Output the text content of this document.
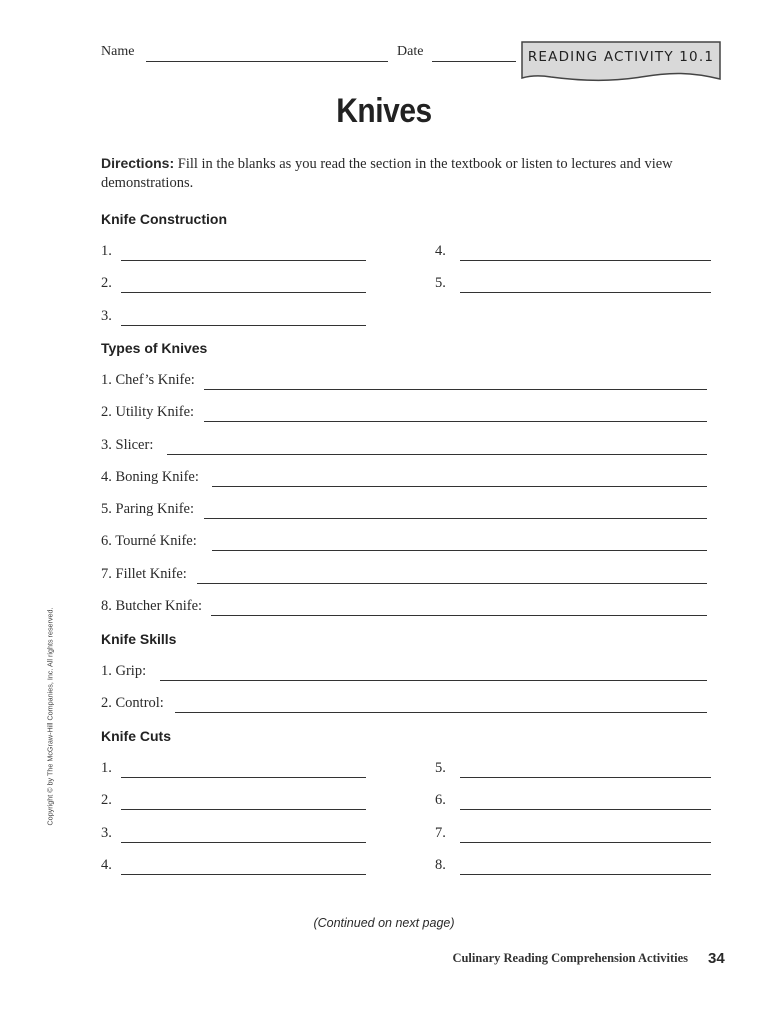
Name	Date	READING ACTIVITY 10.1
Knives
Directions: Fill in the blanks as you read the section in the textbook or listen to lectures and view demonstrations.
Knife Construction
1.
2.
3.
4.
5.
Types of Knives
1. Chef’s Knife:
2. Utility Knife:
3. Slicer:
4. Boning Knife:
5. Paring Knife:
6. Tourné Knife:
7. Fillet Knife:
8. Butcher Knife:
Knife Skills
1. Grip:
2. Control:
Knife Cuts
1.
2.
3.
4.
5.
6.
7.
8.
(Continued on next page)
Culinary Reading Comprehension Activities 34
Copyright © by The McGraw-Hill Companies, Inc. All rights reserved.
